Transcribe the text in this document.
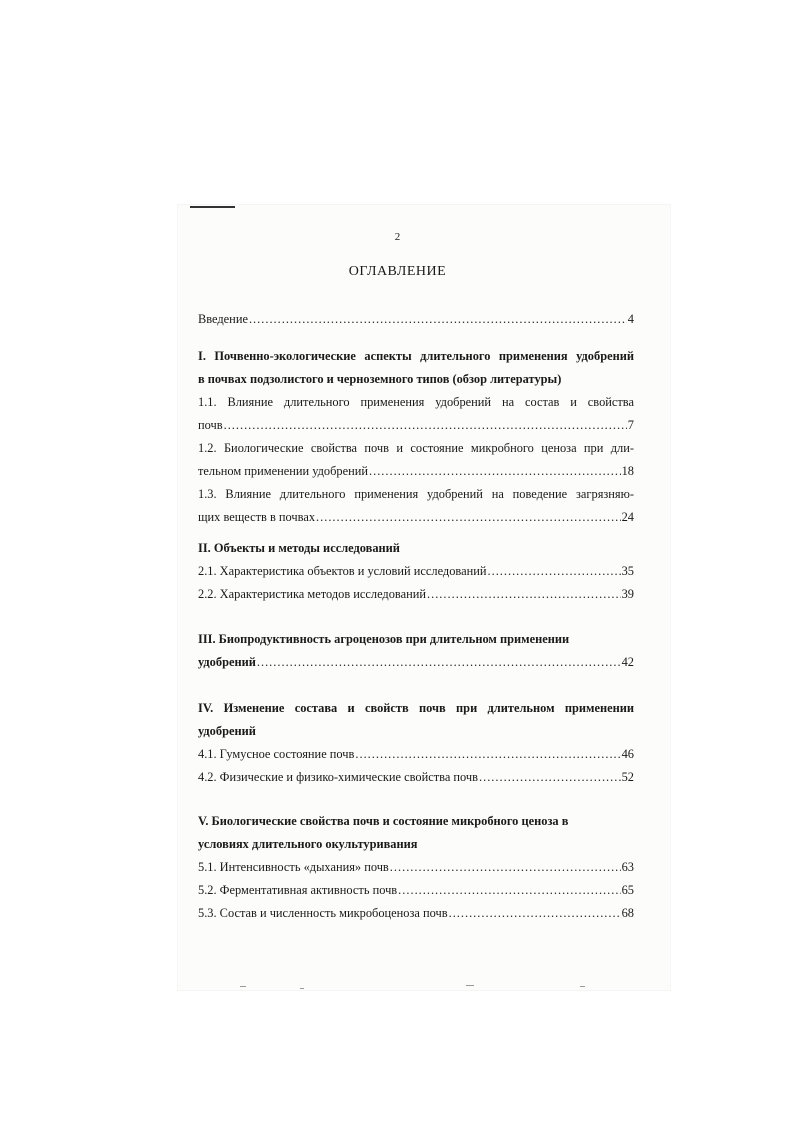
2
ОГЛАВЛЕНИЕ
Введение .....	4
I. Почвенно-экологические аспекты длительного применения удобрений
в почвах подзолистого и черноземного типов (обзор литературы)
1.1. Влияние длительного применения удобрений на состав и свойства
почв .....	7
1.2. Биологические свойства почв и состояние микробного ценоза при дли-
тельном применении удобрений .....	18
1.3. Влияние длительного применения удобрений на поведение загрязняю-
щих веществ в почвах .....	24
II. Объекты и методы исследований
2.1. Характеристика объектов и условий исследований .....	35
2.2. Характеристика методов исследований .....	39
III. Биопродуктивность агроценозов при длительном применении
удобрений .....	42
IV. Изменение состава и свойств почв при длительном применении
удобрений
4.1. Гумусное состояние почв .....	46
4.2. Физические и физико-химические свойства почв .....	52
V. Биологические свойства почв и состояние микробного ценоза в
условиях длительного окультуривания
5.1. Интенсивность «дыхания» почв .....	63
5.2. Ферментативная активность почв .....	65
5.3. Состав и численность микробоценоза почв .....	68
